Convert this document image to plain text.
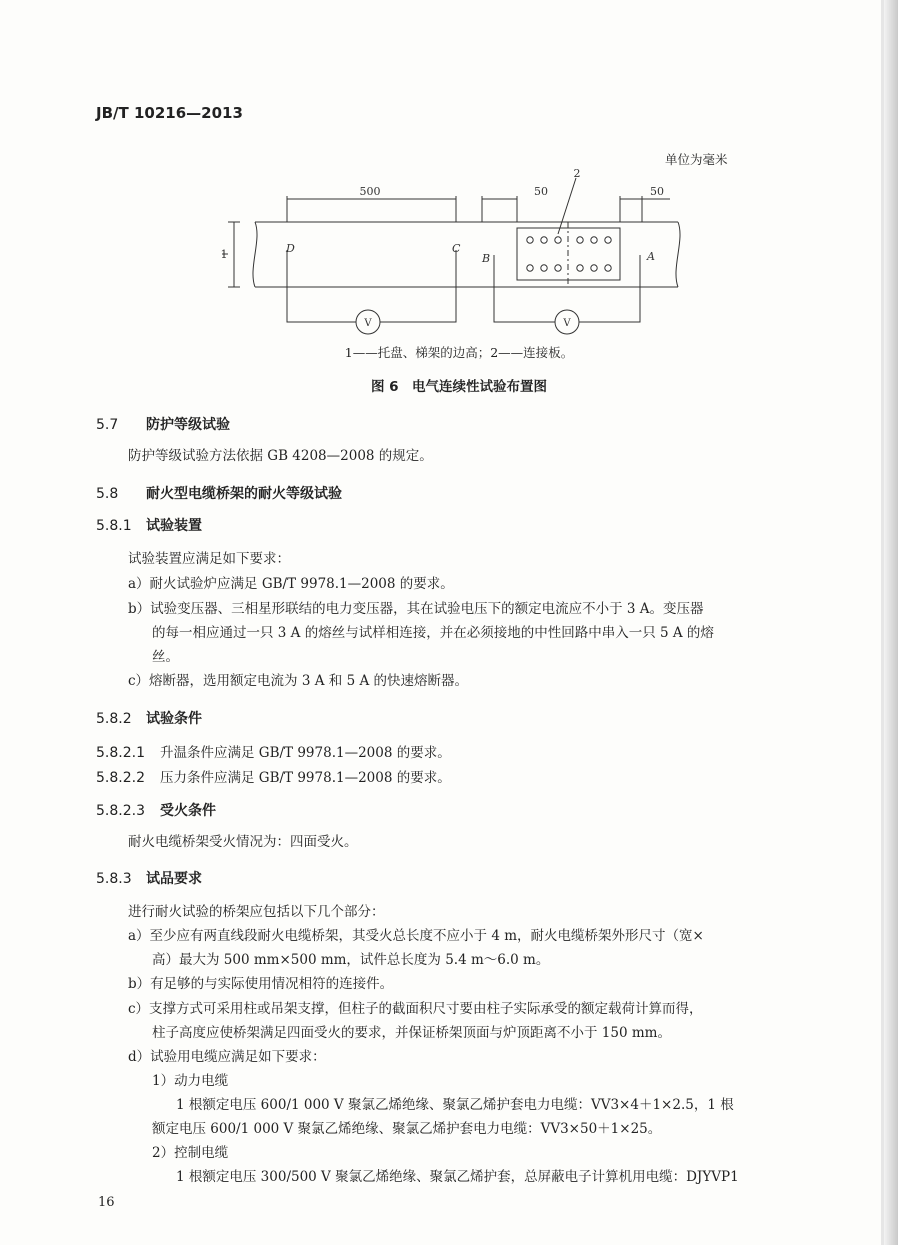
JB/T 10216—2013
单位为毫米
500	50	50
2
1	D	C
B	A
V	V
1——托盘、梯架的边高；2——连接板。
图 6　电气连续性试验布置图
5.7 防护等级试验
防护等级试验方法依据 GB 4208—2008 的规定。
5.8 耐火型电缆桥架的耐火等级试验
5.8.1 试验装置
试验装置应满足如下要求：
a）耐火试验炉应满足 GB/T 9978.1—2008 的要求。
b）试验变压器、三相星形联结的电力变压器，其在试验电压下的额定电流应不小于 3 A。变压器
的每一相应通过一只 3 A 的熔丝与试样相连接，并在必须接地的中性回路中串入一只 5 A 的熔
丝。
c）熔断器，选用额定电流为 3 A 和 5 A 的快速熔断器。
5.8.2 试验条件
5.8.2.1 升温条件应满足 GB/T 9978.1—2008 的要求。
5.8.2.2 压力条件应满足 GB/T 9978.1—2008 的要求。
5.8.2.3 受火条件
耐火电缆桥架受火情况为：四面受火。
5.8.3 试品要求
进行耐火试验的桥架应包括以下几个部分：
a）至少应有两直线段耐火电缆桥架，其受火总长度不应小于 4 m，耐火电缆桥架外形尺寸（宽×
高）最大为 500 mm×500 mm，试件总长度为 5.4 m～6.0 m。
b）有足够的与实际使用情况相符的连接件。
c）支撑方式可采用柱或吊架支撑，但柱子的截面积尺寸要由柱子实际承受的额定载荷计算而得，
柱子高度应使桥架满足四面受火的要求，并保证桥架顶面与炉顶距离不小于 150 mm。
d）试验用电缆应满足如下要求：
1）动力电缆
1 根额定电压 600/1 000 V 聚氯乙烯绝缘、聚氯乙烯护套电力电缆：VV3×4＋1×2.5，1 根
额定电压 600/1 000 V 聚氯乙烯绝缘、聚氯乙烯护套电力电缆：VV3×50＋1×25。
2）控制电缆
1 根额定电压 300/500 V 聚氯乙烯绝缘、聚氯乙烯护套，总屏蔽电子计算机用电缆：DJYVP1
16
